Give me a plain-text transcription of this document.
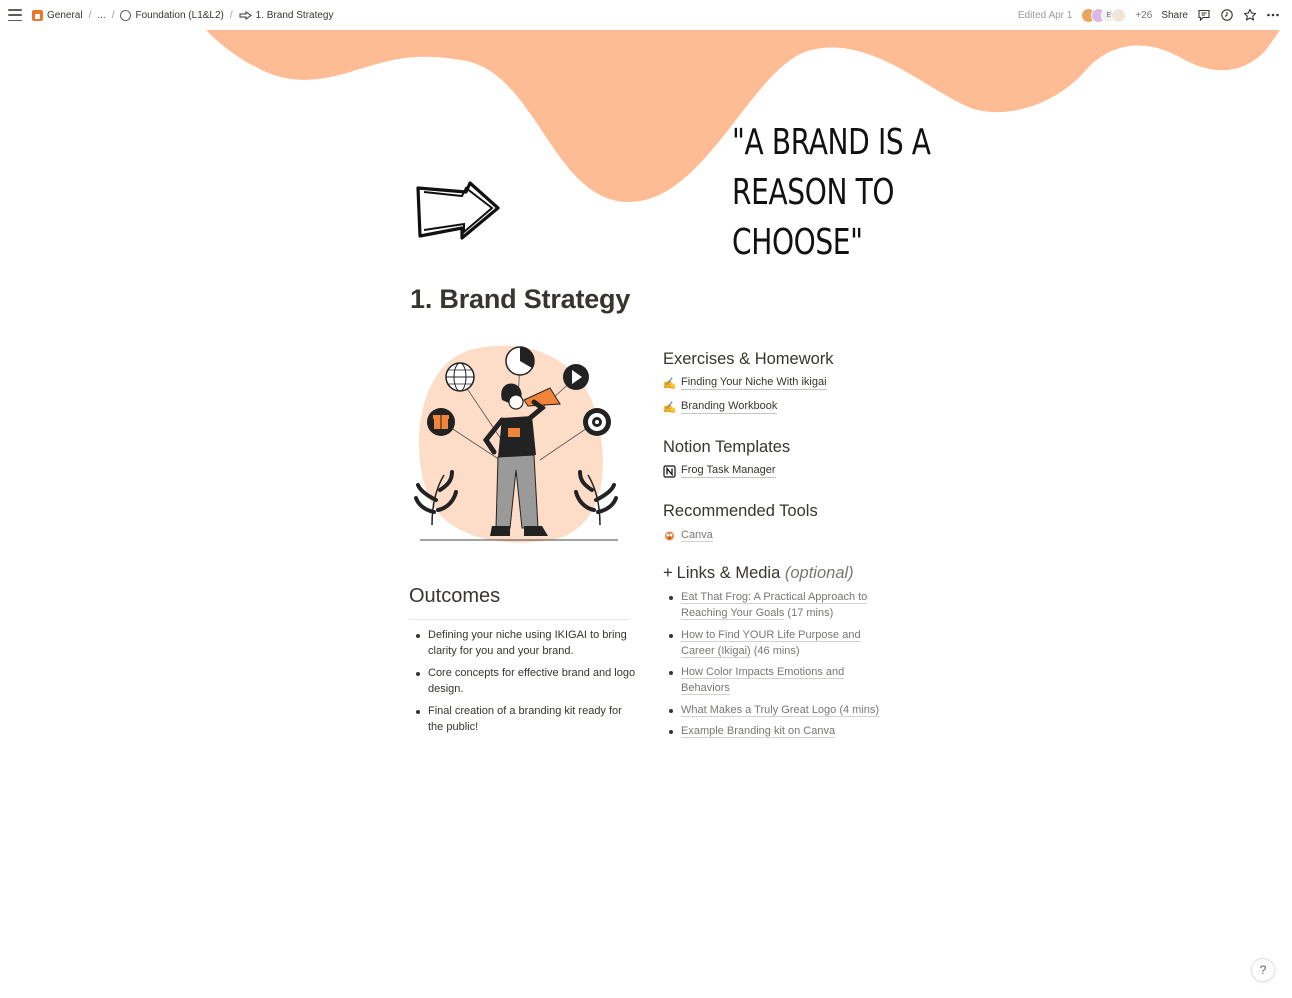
General / ... / Foundation (L1&L2) / 1. Brand Strategy	Edited Apr 1	E	+26 Share
"A BRAND IS A
REASON TO CHOOSE"
1. Brand Strategy
Outcomes
Defining your niche using IKIGAI to bring clarity for you and your brand.
Core concepts for effective brand and logo design.
Final creation of a branding kit ready for the public!
Exercises & Homework
✍️ Finding Your Niche With ikigai
✍️ Branding Workbook
Notion Templates
Frog Task Manager
Recommended Tools
Canva
+ Links & Media (optional)
Eat That Frog: A Practical Approach to Reaching Your Goals (17 mins)
How to Find YOUR Life Purpose and Career (Ikigai) (46 mins)
How Color Impacts Emotions and Behaviors
What Makes a Truly Great Logo (4 mins)
Example Branding kit on Canva
?
